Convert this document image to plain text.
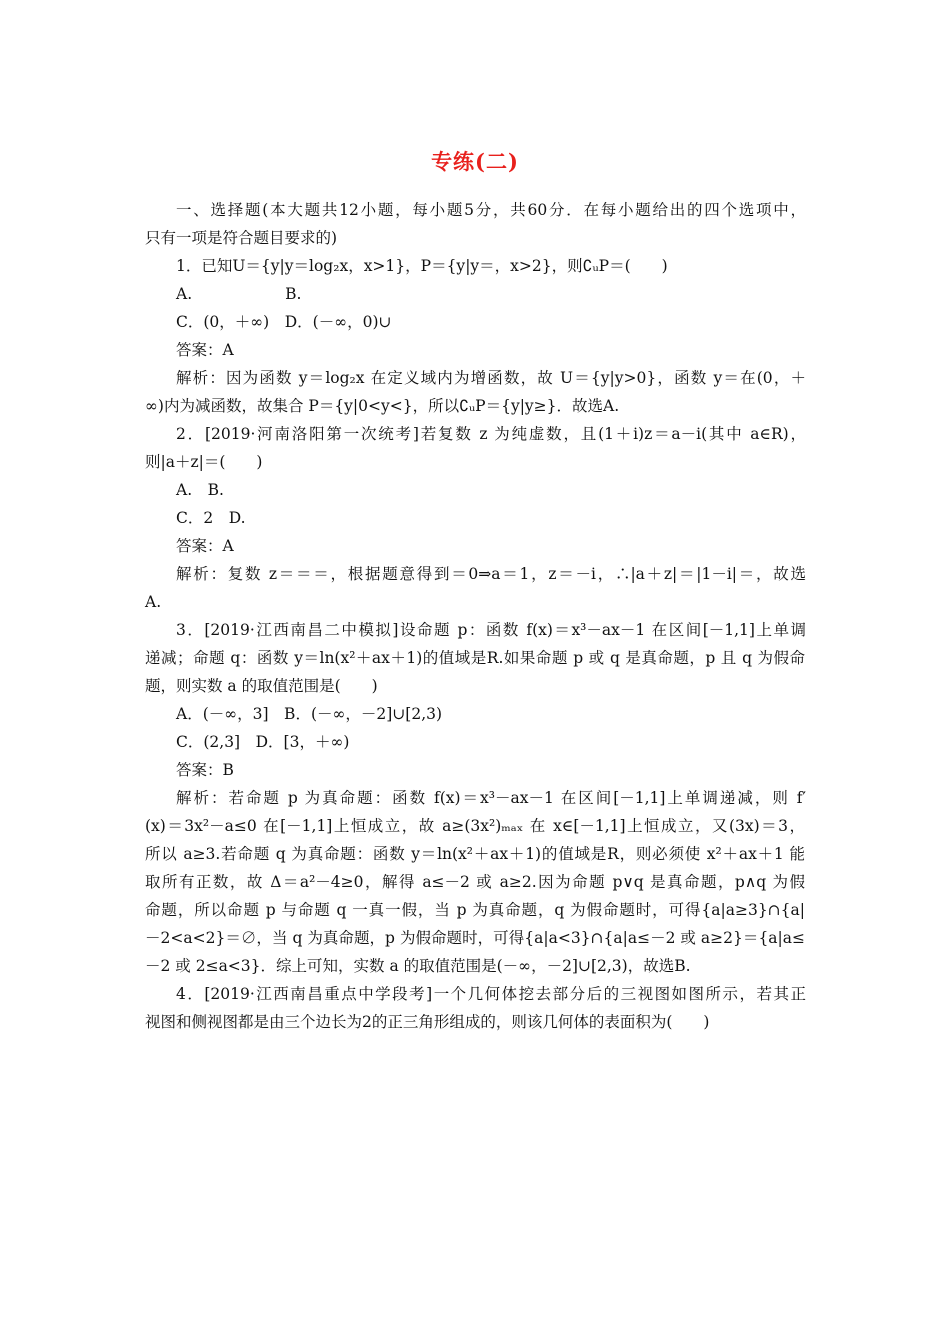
专练(二)
一、选择题(本大题共12小题，每小题5分，共60分．在每小题给出的四个选项中，
只有一项是符合题目要求的)
1．已知U＝{y|y＝log₂x，x>1}，P＝{y|y＝，x>2}，则∁ᵤP＝(　　)
A.　　　　　　B.
C．(0，＋∞)　D．(－∞，0)∪
答案：A
解析：因为函数 y＝log₂x 在定义域内为增函数，故 U＝{y|y>0}，函数 y＝在(0，＋
∞)内为减函数，故集合 P＝{y|0<y<}，所以∁ᵤP＝{y|y≥}．故选A.
2．[2019·河南洛阳第一次统考]若复数 z 为纯虚数，且(1＋i)z＝a－i(其中 a∈R)，
则|a＋z|＝(　　)
A.　B.
C．2　D.
答案：A
解析：复数 z＝＝＝，根据题意得到＝0⇒a＝1，z＝－i，∴|a＋z|＝|1－i|＝，故选
A.
3．[2019·江西南昌二中模拟]设命题 p：函数 f(x)＝x³－ax－1 在区间[－1,1]上单调
递减；命题 q：函数 y＝ln(x²＋ax＋1)的值域是R.如果命题 p 或 q 是真命题，p 且 q 为假命
题，则实数 a 的取值范围是(　　)
A．(－∞，3]　B．(－∞，－2]∪[2,3)
C．(2,3]　D．[3，＋∞)
答案：B
解析：若命题 p 为真命题：函数 f(x)＝x³－ax－1 在区间[－1,1]上单调递减，则 f′
(x)＝3x²－a≤0 在[－1,1]上恒成立，故 a≥(3x²)ₘₐₓ 在 x∈[－1,1]上恒成立，又(3x)＝3，
所以 a≥3.若命题 q 为真命题：函数 y＝ln(x²＋ax＋1)的值域是R，则必须使 x²＋ax＋1 能
取所有正数，故 Δ＝a²－4≥0，解得 a≤－2 或 a≥2.因为命题 p∨q 是真命题，p∧q 为假
命题，所以命题 p 与命题 q 一真一假，当 p 为真命题，q 为假命题时，可得{a|a≥3}∩{a|
－2<a<2}＝∅，当 q 为真命题，p 为假命题时，可得{a|a<3}∩{a|a≤－2 或 a≥2}＝{a|a≤
－2 或 2≤a<3}．综上可知，实数 a 的取值范围是(－∞，－2]∪[2,3)，故选B.
4．[2019·江西南昌重点中学段考]一个几何体挖去部分后的三视图如图所示，若其正
视图和侧视图都是由三个边长为2的正三角形组成的，则该几何体的表面积为(　　)
